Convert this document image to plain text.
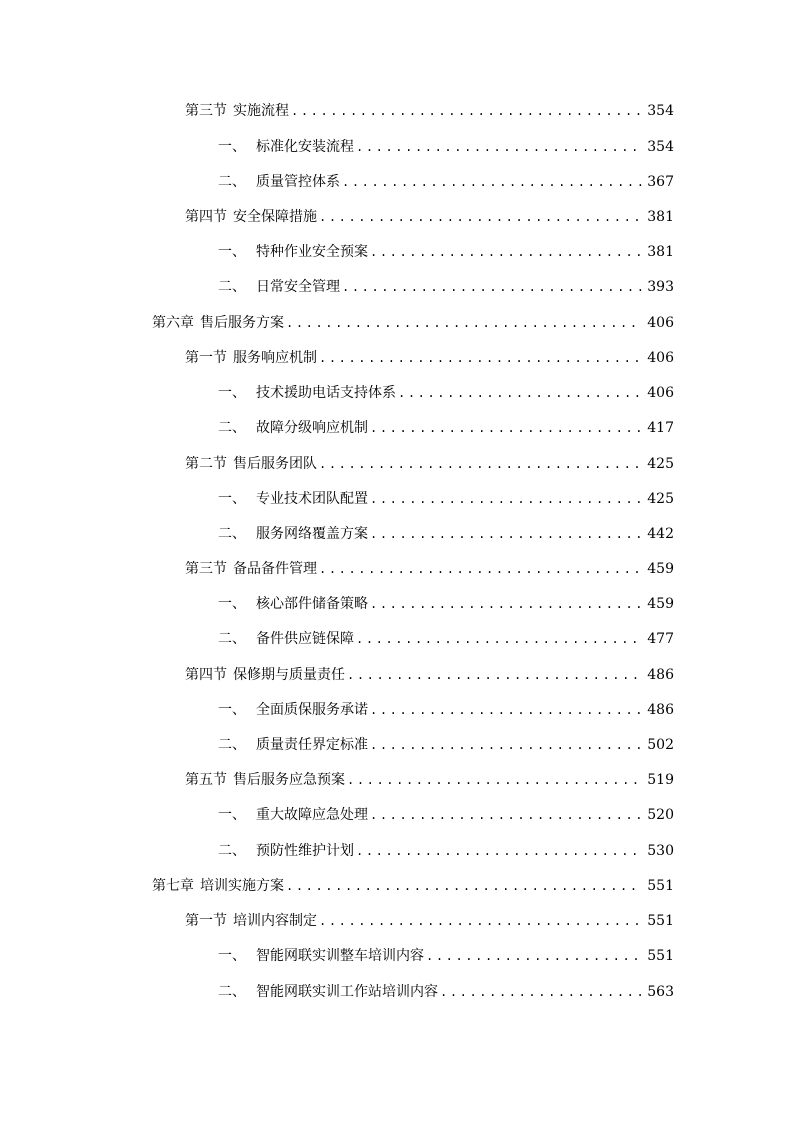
第三节 实施流程 .....	354
一、 标准化安装流程 .....	354
二、 质量管控体系 .....	367
第四节 安全保障措施 .....	381
一、 特种作业安全预案 .....	381
二、 日常安全管理 .....	393
第六章 售后服务方案 .....	406
第一节 服务响应机制 .....	406
一、 技术援助电话支持体系 .....	406
二、 故障分级响应机制 .....	417
第二节 售后服务团队 .....	425
一、 专业技术团队配置 .....	425
二、 服务网络覆盖方案 .....	442
第三节 备品备件管理 .....	459
一、 核心部件储备策略 .....	459
二、 备件供应链保障 .....	477
第四节 保修期与质量责任 .....	486
一、 全面质保服务承诺 .....	486
二、 质量责任界定标准 .....	502
第五节 售后服务应急预案 .....	519
一、 重大故障应急处理 .....	520
二、 预防性维护计划 .....	530
第七章 培训实施方案 .....	551
第一节 培训内容制定 .....	551
一、 智能网联实训整车培训内容 .....	551
二、 智能网联实训工作站培训内容 .....	563
